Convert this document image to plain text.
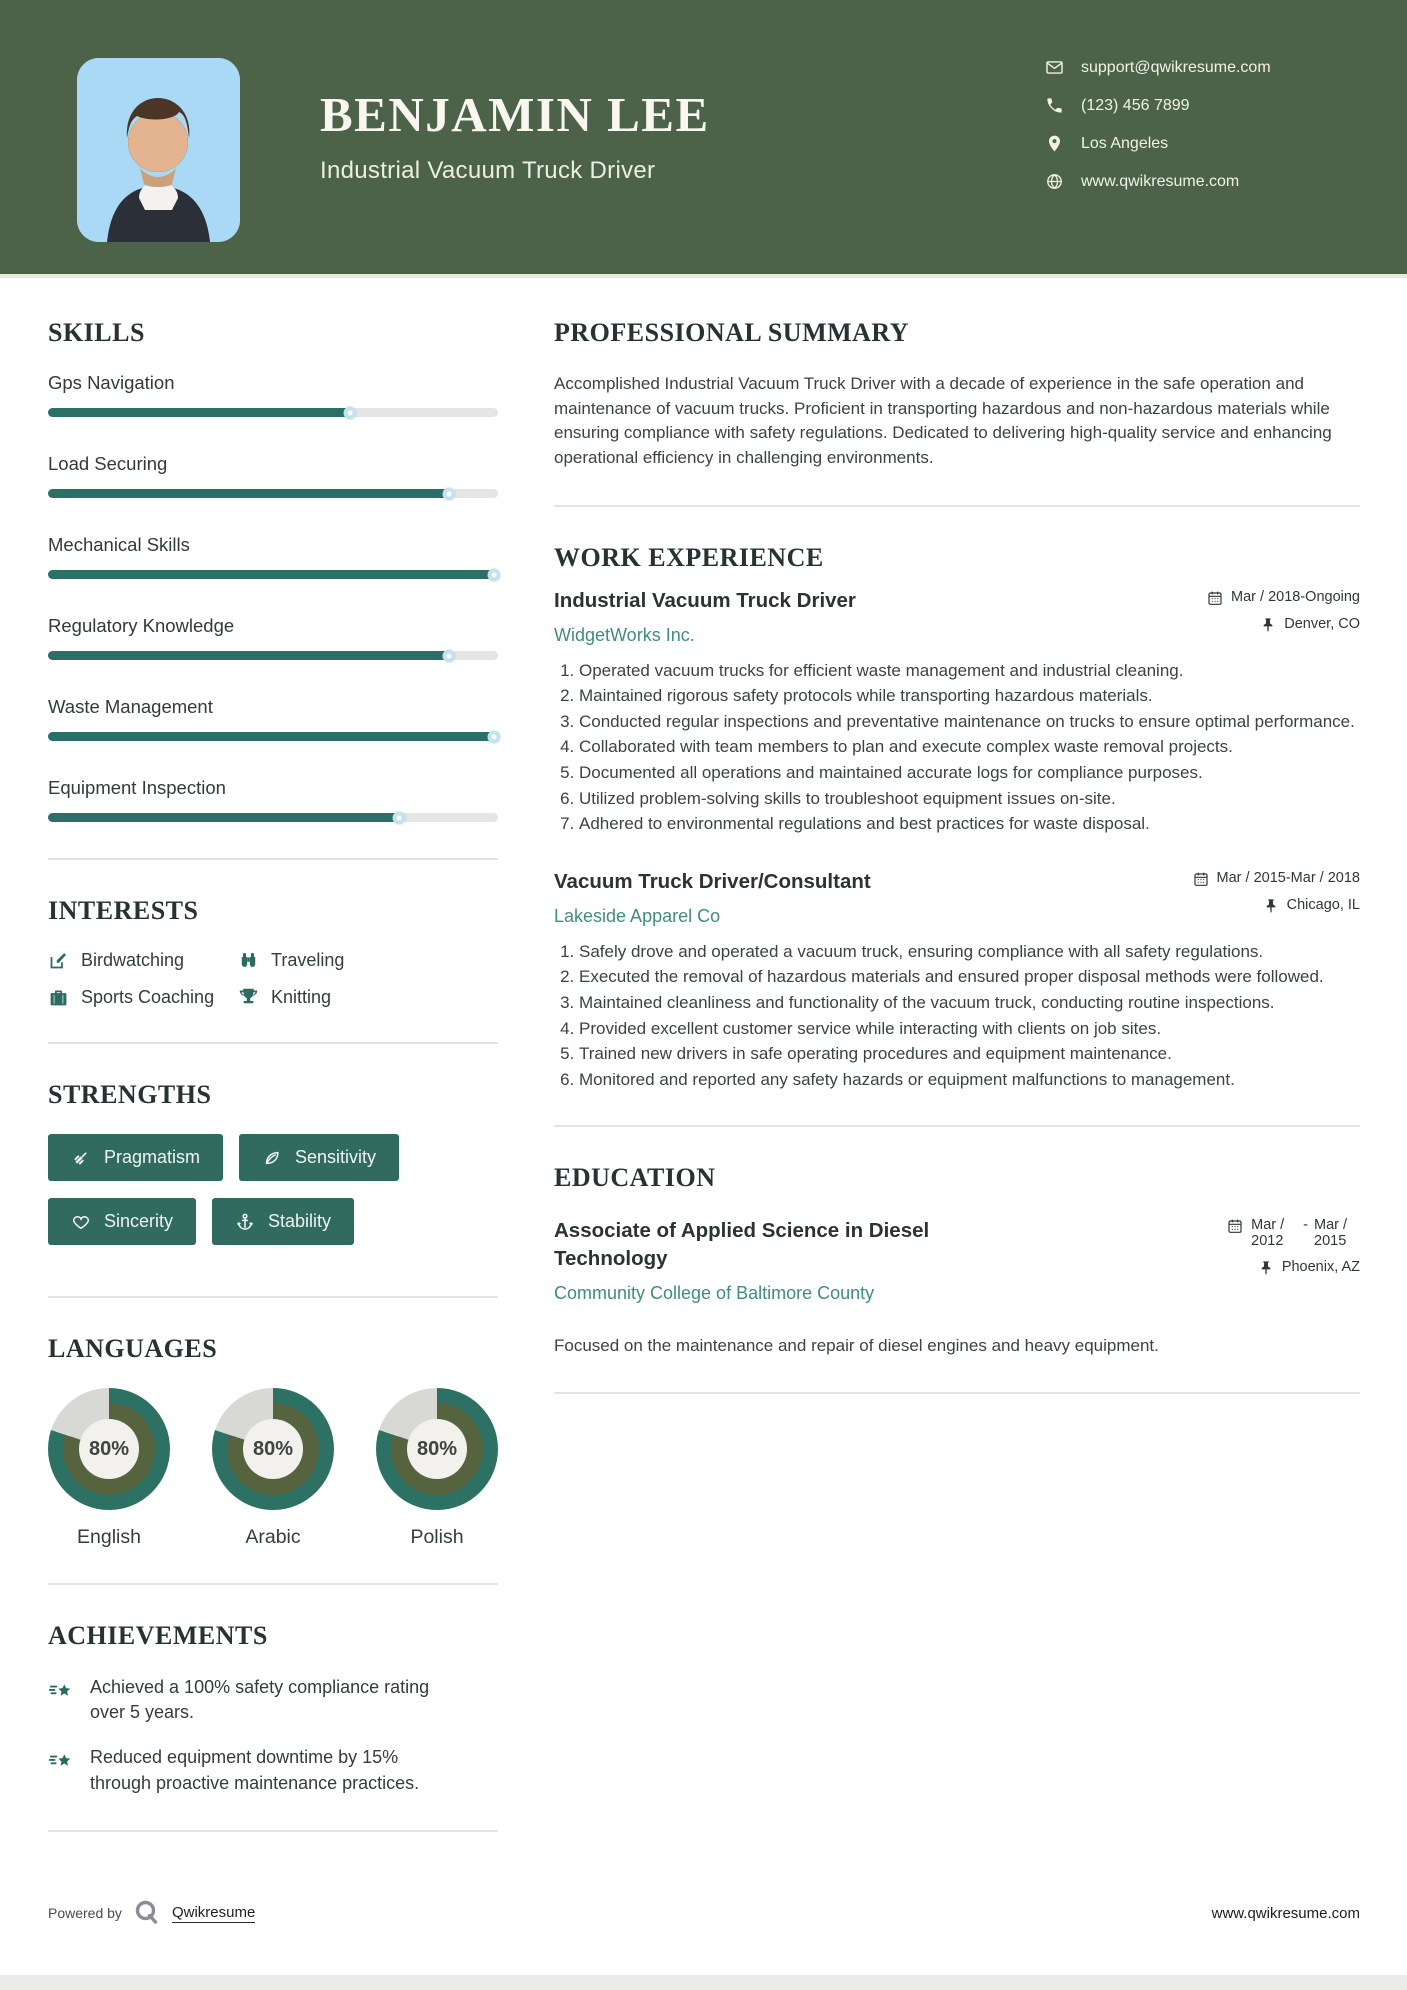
BENJAMIN LEE
Industrial Vacuum Truck Driver
support@qwikresume.com
(123) 456 7899
Los Angeles
www.qwikresume.com
SKILLS
Gps Navigation
Load Securing
Mechanical Skills
Regulatory Knowledge
Waste Management
Equipment Inspection
INTERESTS
Birdwatching	Traveling
Sports Coaching	Knitting
STRENGTHS
Pragmatism	Sensitivity
Sincerity	Stability
LANGUAGES
80%
English
80%
Arabic
80%
Polish
ACHIEVEMENTS
Achieved a 100% safety compliance rating over 5 years.
Reduced equipment downtime by 15% through proactive maintenance practices.
PROFESSIONAL SUMMARY

Accomplished Industrial Vacuum Truck Driver with a decade of experience in the safe operation and maintenance of vacuum trucks. Proficient in transporting hazardous and non-hazardous materials while ensuring compliance with safety regulations. Dedicated to delivering high-quality service and enhancing operational efficiency in challenging environments.

WORK EXPERIENCE
Industrial Vacuum Truck Driver
WidgetWorks Inc.
Mar / 2018-Ongoing
Denver, CO
1. Operated vacuum trucks for efficient waste management and industrial cleaning.
2. Maintained rigorous safety protocols while transporting hazardous materials.
3. Conducted regular inspections and preventative maintenance on trucks to ensure optimal performance.
4. Collaborated with team members to plan and execute complex waste removal projects.
5. Documented all operations and maintained accurate logs for compliance purposes.
6. Utilized problem-solving skills to troubleshoot equipment issues on-site.
7. Adhered to environmental regulations and best practices for waste disposal.
Vacuum Truck Driver/Consultant
Lakeside Apparel Co
Mar / 2015-Mar / 2018
Chicago, IL
1. Safely drove and operated a vacuum truck, ensuring compliance with all safety regulations.
2. Executed the removal of hazardous materials and ensured proper disposal methods were followed.
3. Maintained cleanliness and functionality of the vacuum truck, conducting routine inspections.
4. Provided excellent customer service while interacting with clients on job sites.
5. Trained new drivers in safe operating procedures and equipment maintenance.
6. Monitored and reported any safety hazards or equipment malfunctions to management.
EDUCATION
Associate of Applied Science in Diesel Technology
Community College of Baltimore County
Mar / 2012
- Mar / 2015
Phoenix, AZ

Focused on the maintenance and repair of diesel engines and heavy equipment.

Powered by	Qwikresume	www.qwikresume.com
